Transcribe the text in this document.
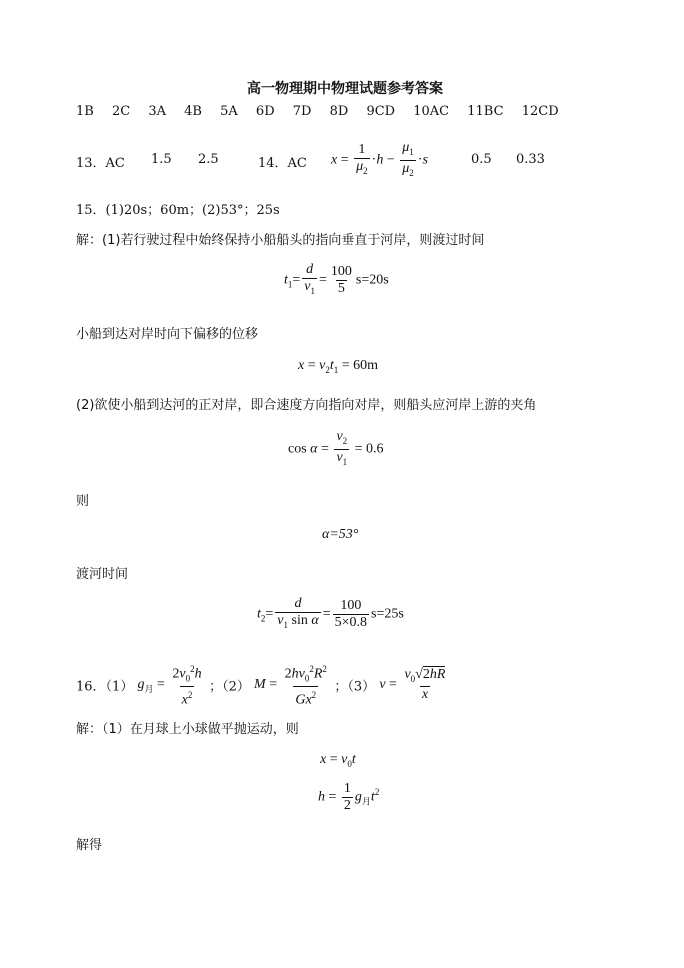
高一物理期中物理试题参考答案
1B 2C 3A 4B 5A 6D 7D 8D 9CD 10AC 11BC 12CD
13．AC 1.5 2.5	14．AC $x = \frac{1}{\mu_2} \cdot h - \frac{\mu_1}{\mu_2} \cdot s$	0.5 0.33
15．(1)20s；60m；(2)53°；25s
解：(1)若行驶过程中始终保持小船船头的指向垂直于河岸，则渡过时间
$t_1= \frac{d}{v_1} = \frac{100}{5} s=20s$
小船到达对岸时向下偏移的位移
$x = v_2t_1 = 60m$
(2)欲使小船到达河的正对岸，即合速度方向指向对岸，则船头应河岸上游的夹角
$\cos \alpha = \frac{v_2}{v_1} = 0.6$
则
α=53°
渡河时间
$t_2= \frac{d}{v_1 \sin \alpha} = \frac{100}{5\times 0.8} s=25s$
16．（1） $g_月 = \frac{2v_0^2h}{x^2}$ ；（2） $M = \frac{2hv_0^2R^2}{Gx^2}$ ；（3） $v = \frac{v_0√2hR}{x}$
解：（1）在月球上小球做平抛运动，则
$x = v_0t$
$h = \frac{1}{2} g_月t^2$
解得
